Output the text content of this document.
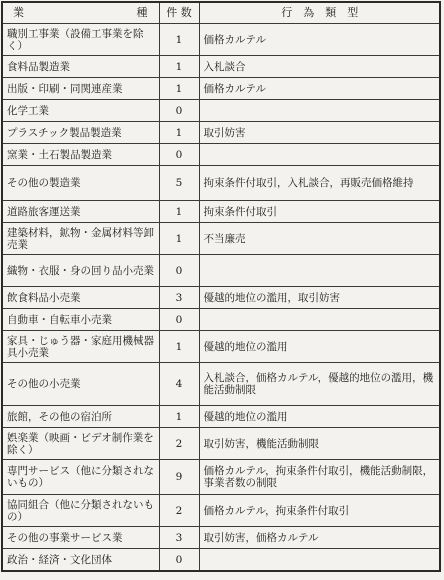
業 種	件 数	行　為　類　型
職別工事業（設備工事業を除く）	1	価格カルテル
食料品製造業	1	入札談合
出版・印刷・同関連産業	1	価格カルテル
化学工業	0	
プラスチック製品製造業	1	取引妨害
窯業・土石製品製造業	0	
その他の製造業	5	拘束条件付取引，入札談合，再販売価格維持
道路旅客運送業	1	拘束条件付取引
建築材料，鉱物・金属材料等卸売業	1	不当廉売
織物・衣服・身の回り品小売業	0	
飲食料品小売業	3	優越的地位の濫用，取引妨害
自動車・自転車小売業	0	
家具・じゅう器・家庭用機械器具小売業	1	優越的地位の濫用
その他の小売業	4	入札談合，価格カルテル，優越的地位の濫用，機能活動制限
旅館，その他の宿泊所	1	優越的地位の濫用
娯楽業（映画・ビデオ制作業を除く）	2	取引妨害，機能活動制限
専門サービス（他に分類されないもの）	9	価格カルテル，拘束条件付取引，機能活動制限，事業者数の制限
協同組合（他に分類されないもの）	2	価格カルテル，拘束条件付取引
その他の事業サービス業	3	取引妨害，価格カルテル
政治・経済・文化団体	0	
